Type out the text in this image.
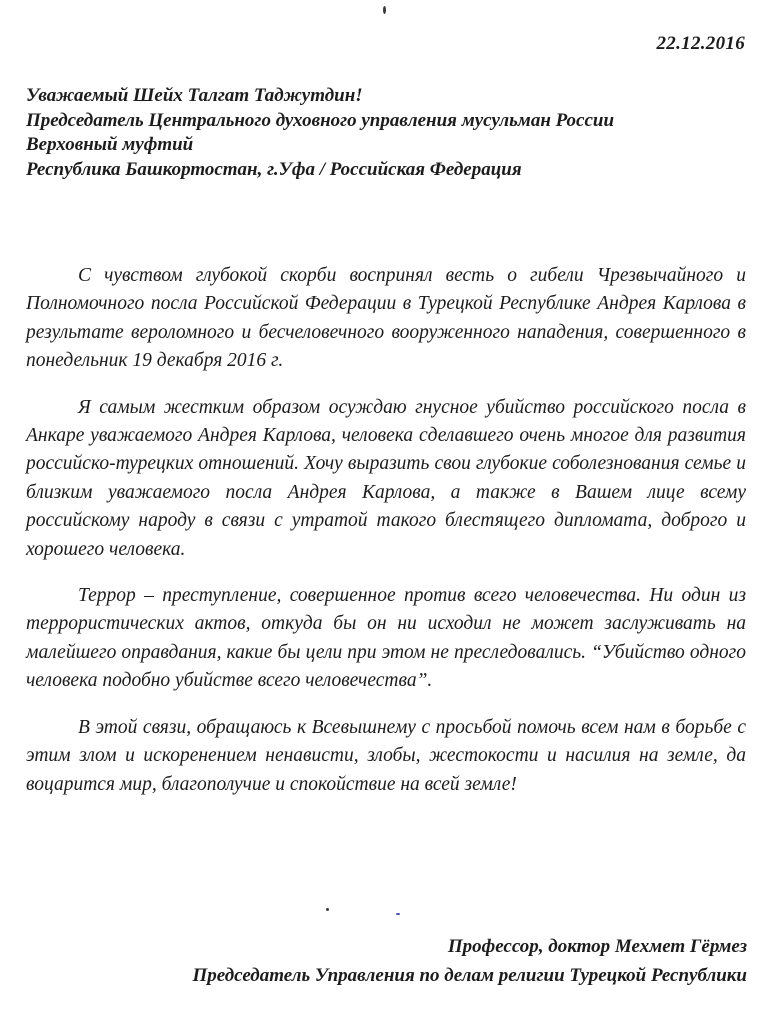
22.12.2016
Уважаемый Шейх Талгат Таджутдин!
Председатель Центрального духовного управления мусульман России
Верховный муфтий
Республика Башкортостан, г.Уфа / Российская Федерация

С чувством глубокой скорби воспринял весть о гибели Чрезвычайного и Полномочного посла Российской Федерации в Турецкой Республике Андрея Карлова в результате вероломного и бесчеловечного вооруженного нападения, совершенного в понедельник 19 декабря 2016 г.

Я самым жестким образом осуждаю гнусное убийство российского посла в Анкаре уважаемого Андрея Карлова, человека сделавшего очень многое для развития российско-турецких отношений. Хочу выразить свои глубокие соболезнования семье и близким уважаемого посла Андрея Карлова, а также в Вашем лице всему российскому народу в связи с утратой такого блестящего дипломата, доброго и хорошего человека.

Террор – преступление, совершенное против всего человечества. Ни один из террористических актов, откуда бы он ни исходил не может заслуживать на малейшего оправдания, какие бы цели при этом не преследовались. “Убийство одного человека подобно убийстве всего человечества”.

В этой связи, обращаюсь к Всевышнему с просьбой помочь всем нам в борьбе с этим злом и искоренением ненависти, злобы, жестокости и насилия на земле, да воцарится мир, благополучие и спокойствие на всей земле!

Профессор, доктор Мехмет Гёрмез
Председатель Управления по делам религии Турецкой Республики
